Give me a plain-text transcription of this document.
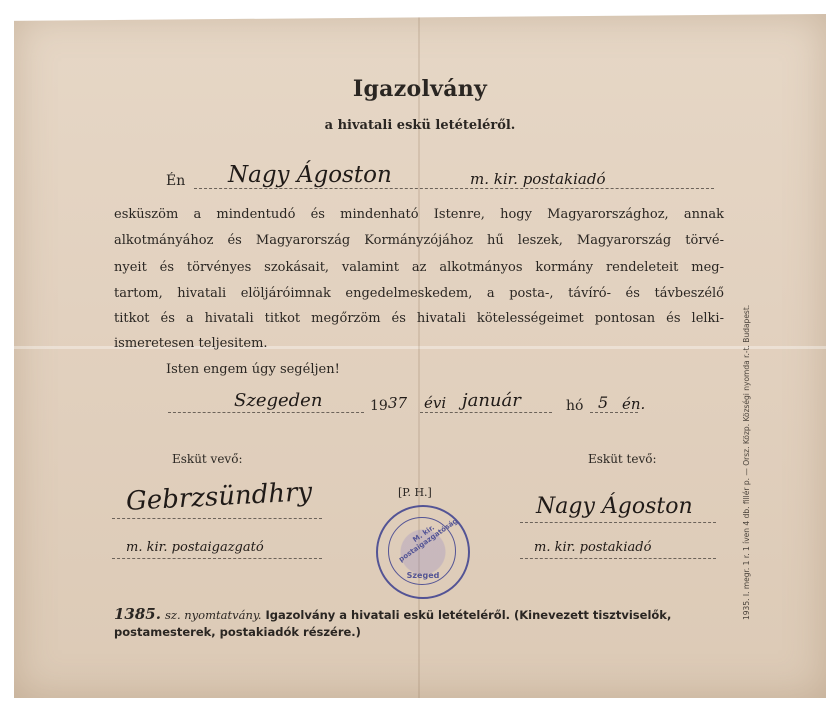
Igazolvány
a hivatali eskü letételéről.
Én Nagy Ágoston	m. kir. postakiadó
esküszöm a mindentudó és mindenható Istenre, hogy Magyarországhoz, annak
alkotmányához és Magyarország Kormányzójához hű leszek, Magyarország törvé-
nyeit és törvényes szokásait, valamint az alkotmányos kormány rendeleteit meg-
tartom, hivatali elöljáróimnak engedelmeskedem, a posta-, távíró- és távbeszélő
titkot és a hivatali titkot megőrzöm és hivatali kötelességeimet pontosan és lelki-
ismeretesen teljesitem.
Isten engem úgy segéljen!
Szegeden	19 37 évi január	hó 5 én.
Esküt vevő:
Gebrzsündhry
m. kir. postaigazgató
Esküt tevő:
Nagy Ágoston
m. kir. postakiadó
[P. H.]
M. kir. postaigazgatóság
Szeged
1385. sz. nyomtatvány. Igazolvány a hivatali eskü letételéről. (Kinevezett tisztviselők, postamesterek, postakiadók részére.)
1935. I. megr. 1 r. 1 íven 4 db. fillér p. — Orsz. Közp. Községi nyomda r.-t. Budapest.
